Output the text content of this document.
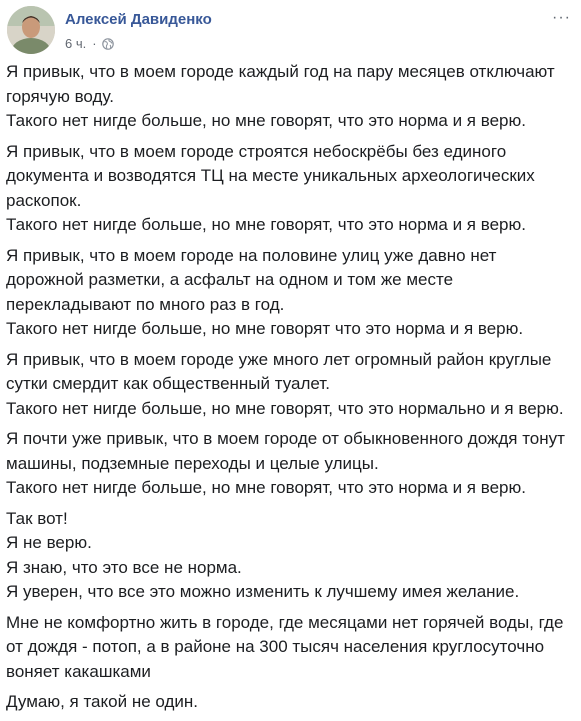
Алексей Давиденко
6 ч. ·
···

Я привык, что в моем городе каждый год на пару месяцев отключают горячую воду.
Такого нет нигде больше, но мне говорят, что это норма и я верю.

Я привык, что в моем городе строятся небоскрёбы без единого документа и возводятся ТЦ на месте уникальных археологических раскопок.
Такого нет нигде больше, но мне говорят, что это норма и я верю.

Я привык, что в моем городе на половине улиц уже давно нет дорожной разметки, а асфальт на одном и том же месте перекладывают по много раз в год.
Такого нет нигде больше, но мне говорят что это норма и я верю.

Я привык, что в моем городе уже много лет огромный район круглые сутки смердит как общественный туалет.
Такого нет нигде больше, но мне говорят, что это нормально и я верю.

Я почти уже привык, что в моем городе от обыкновенного дождя тонут машины, подземные переходы и целые улицы.
Такого нет нигде больше, но мне говорят, что это норма и я верю.

Так вот!
Я не верю.
Я знаю, что это все не норма.
Я уверен, что все это можно изменить к лучшему имея желание.

Мне не комфортно жить в городе, где месяцами нет горячей воды, где от дождя - потоп, а в районе на 300 тысяч населения круглосуточно воняет какашками

Думаю, я такой не один.
